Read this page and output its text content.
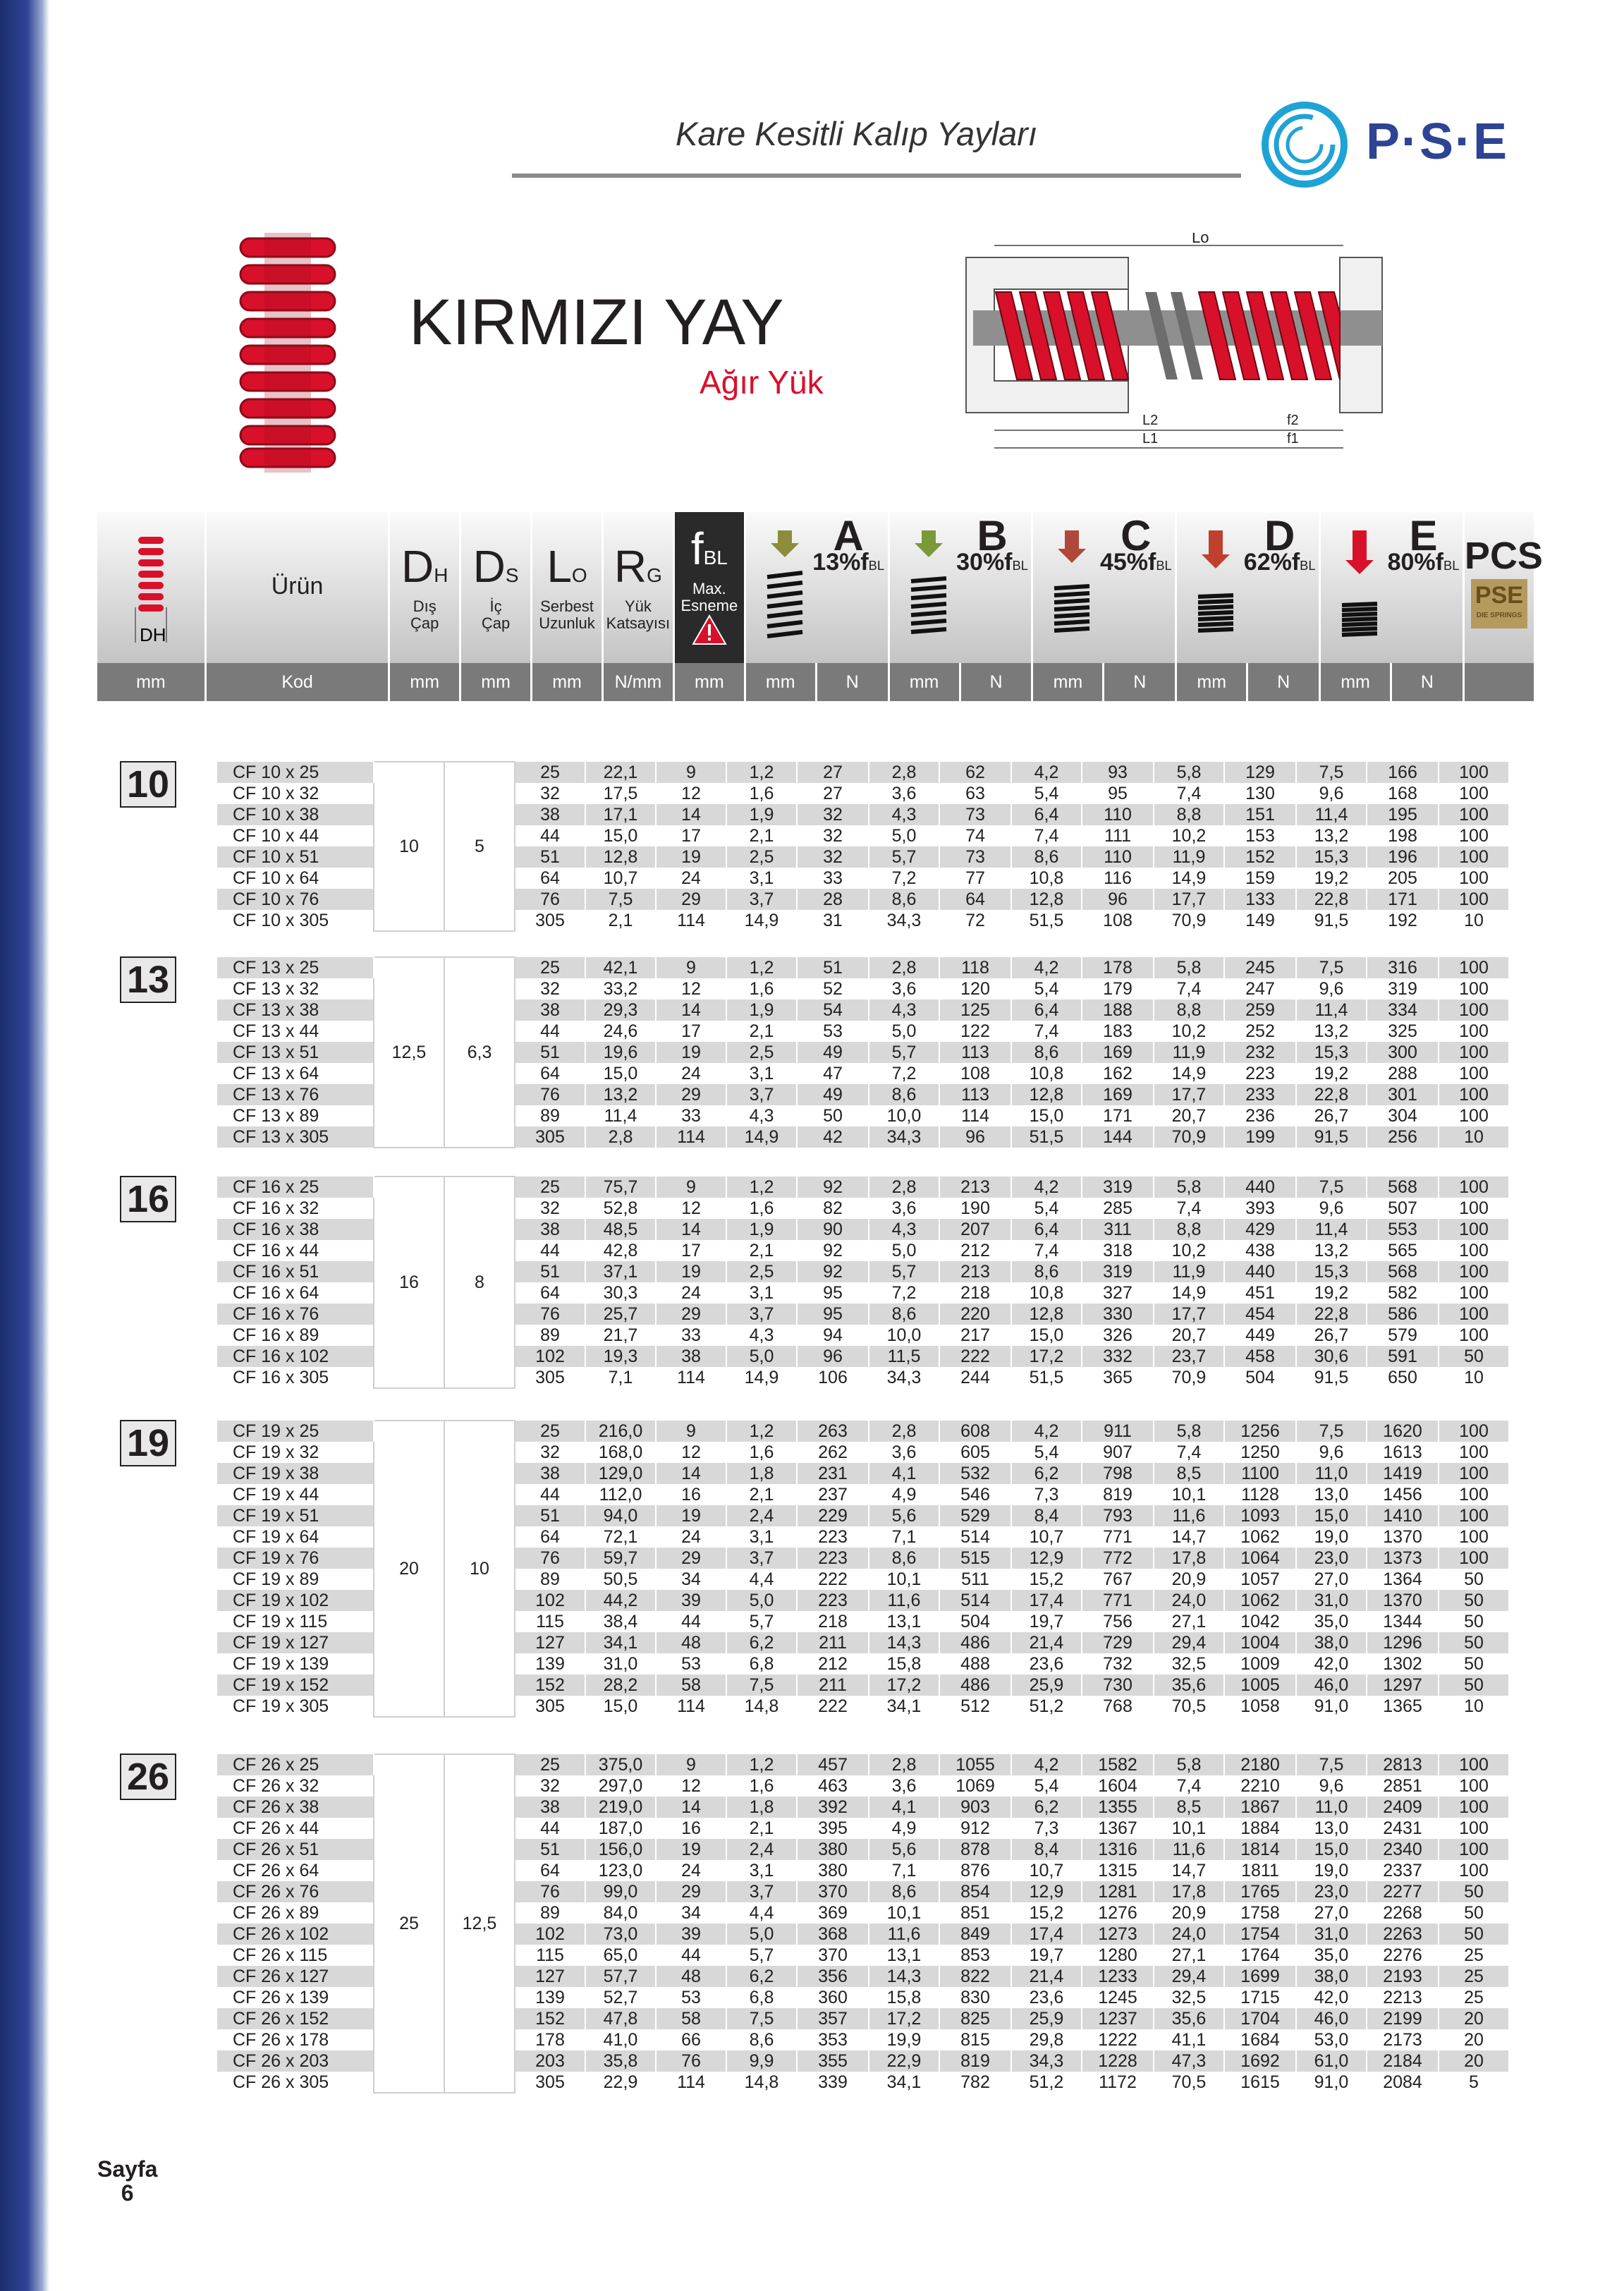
Kare Kesitli Kalıp Yayları	P·S·E
KIRMIZI YAY
Ağır Yük
Lo
L2
L1
f2
f1
DH	Ürün	DH
Dış
Çap	DS
İç
Çap	LO
Serbest
Uzunluk	RG
Yük
Katsayısı	fBL
Max.
Esneme	A
13%fBL		B
30%fBL		C
45%fBL		D
62%fBL		E
80%fBL		PCS

PSE
DIE SPRINGS

mm	Kod	mm	mm	mm	N/mm	mm	mm	N	mm	N	mm	N	mm	N	mm	N	
10	CF 10 x 25	10	5	25	22,1	9	1,2	27	2,8	62	4,2	93	5,8	129	7,5	166	100
CF 10 x 32			32	17,5	12	1,6	27	3,6	63	5,4	95	7,4	130	9,6	168	100
CF 10 x 38			38	17,1	14	1,9	32	4,3	73	6,4	110	8,8	151	11,4	195	100
CF 10 x 44			44	15,0	17	2,1	32	5,0	74	7,4	111	10,2	153	13,2	198	100
CF 10 x 51			51	12,8	19	2,5	32	5,7	73	8,6	110	11,9	152	15,3	196	100
CF 10 x 64			64	10,7	24	3,1	33	7,2	77	10,8	116	14,9	159	19,2	205	100
CF 10 x 76			76	7,5	29	3,7	28	8,6	64	12,8	96	17,7	133	22,8	171	100
CF 10 x 305			305	2,1	114	14,9	31	34,3	72	51,5	108	70,9	149	91,5	192	10
13	CF 13 x 25	12,5	6,3	25	42,1	9	1,2	51	2,8	118	4,2	178	5,8	245	7,5	316	100
CF 13 x 32			32	33,2	12	1,6	52	3,6	120	5,4	179	7,4	247	9,6	319	100
CF 13 x 38			38	29,3	14	1,9	54	4,3	125	6,4	188	8,8	259	11,4	334	100
CF 13 x 44			44	24,6	17	2,1	53	5,0	122	7,4	183	10,2	252	13,2	325	100
CF 13 x 51			51	19,6	19	2,5	49	5,7	113	8,6	169	11,9	232	15,3	300	100
CF 13 x 64			64	15,0	24	3,1	47	7,2	108	10,8	162	14,9	223	19,2	288	100
CF 13 x 76			76	13,2	29	3,7	49	8,6	113	12,8	169	17,7	233	22,8	301	100
CF 13 x 89			89	11,4	33	4,3	50	10,0	114	15,0	171	20,7	236	26,7	304	100
CF 13 x 305			305	2,8	114	14,9	42	34,3	96	51,5	144	70,9	199	91,5	256	10
16	CF 16 x 25	16	8	25	75,7	9	1,2	92	2,8	213	4,2	319	5,8	440	7,5	568	100
CF 16 x 32			32	52,8	12	1,6	82	3,6	190	5,4	285	7,4	393	9,6	507	100
CF 16 x 38			38	48,5	14	1,9	90	4,3	207	6,4	311	8,8	429	11,4	553	100
CF 16 x 44			44	42,8	17	2,1	92	5,0	212	7,4	318	10,2	438	13,2	565	100
CF 16 x 51			51	37,1	19	2,5	92	5,7	213	8,6	319	11,9	440	15,3	568	100
CF 16 x 64			64	30,3	24	3,1	95	7,2	218	10,8	327	14,9	451	19,2	582	100
CF 16 x 76			76	25,7	29	3,7	95	8,6	220	12,8	330	17,7	454	22,8	586	100
CF 16 x 89			89	21,7	33	4,3	94	10,0	217	15,0	326	20,7	449	26,7	579	100
CF 16 x 102			102	19,3	38	5,0	96	11,5	222	17,2	332	23,7	458	30,6	591	50
CF 16 x 305			305	7,1	114	14,9	106	34,3	244	51,5	365	70,9	504	91,5	650	10
19	CF 19 x 25	20	10	25	216,0	9	1,2	263	2,8	608	4,2	911	5,8	1256	7,5	1620	100
CF 19 x 32			32	168,0	12	1,6	262	3,6	605	5,4	907	7,4	1250	9,6	1613	100
CF 19 x 38			38	129,0	14	1,8	231	4,1	532	6,2	798	8,5	1100	11,0	1419	100
CF 19 x 44			44	112,0	16	2,1	237	4,9	546	7,3	819	10,1	1128	13,0	1456	100
CF 19 x 51			51	94,0	19	2,4	229	5,6	529	8,4	793	11,6	1093	15,0	1410	100
CF 19 x 64			64	72,1	24	3,1	223	7,1	514	10,7	771	14,7	1062	19,0	1370	100
CF 19 x 76			76	59,7	29	3,7	223	8,6	515	12,9	772	17,8	1064	23,0	1373	100
CF 19 x 89			89	50,5	34	4,4	222	10,1	511	15,2	767	20,9	1057	27,0	1364	50
CF 19 x 102			102	44,2	39	5,0	223	11,6	514	17,4	771	24,0	1062	31,0	1370	50
CF 19 x 115			115	38,4	44	5,7	218	13,1	504	19,7	756	27,1	1042	35,0	1344	50
CF 19 x 127			127	34,1	48	6,2	211	14,3	486	21,4	729	29,4	1004	38,0	1296	50
CF 19 x 139			139	31,0	53	6,8	212	15,8	488	23,6	732	32,5	1009	42,0	1302	50
CF 19 x 152			152	28,2	58	7,5	211	17,2	486	25,9	730	35,6	1005	46,0	1297	50
CF 19 x 305			305	15,0	114	14,8	222	34,1	512	51,2	768	70,5	1058	91,0	1365	10
26	CF 26 x 25	25	12,5	25	375,0	9	1,2	457	2,8	1055	4,2	1582	5,8	2180	7,5	2813	100
CF 26 x 32			32	297,0	12	1,6	463	3,6	1069	5,4	1604	7,4	2210	9,6	2851	100
CF 26 x 38			38	219,0	14	1,8	392	4,1	903	6,2	1355	8,5	1867	11,0	2409	100
CF 26 x 44			44	187,0	16	2,1	395	4,9	912	7,3	1367	10,1	1884	13,0	2431	100
CF 26 x 51			51	156,0	19	2,4	380	5,6	878	8,4	1316	11,6	1814	15,0	2340	100
CF 26 x 64			64	123,0	24	3,1	380	7,1	876	10,7	1315	14,7	1811	19,0	2337	100
CF 26 x 76			76	99,0	29	3,7	370	8,6	854	12,9	1281	17,8	1765	23,0	2277	50
CF 26 x 89			89	84,0	34	4,4	369	10,1	851	15,2	1276	20,9	1758	27,0	2268	50
CF 26 x 102			102	73,0	39	5,0	368	11,6	849	17,4	1273	24,0	1754	31,0	2263	50
CF 26 x 115			115	65,0	44	5,7	370	13,1	853	19,7	1280	27,1	1764	35,0	2276	25
CF 26 x 127			127	57,7	48	6,2	356	14,3	822	21,4	1233	29,4	1699	38,0	2193	25
CF 26 x 139			139	52,7	53	6,8	360	15,8	830	23,6	1245	32,5	1715	42,0	2213	25
CF 26 x 152			152	47,8	58	7,5	357	17,2	825	25,9	1237	35,6	1704	46,0	2199	20
CF 26 x 178			178	41,0	66	8,6	353	19,9	815	29,8	1222	41,1	1684	53,0	2173	20
CF 26 x 203			203	35,8	76	9,9	355	22,9	819	34,3	1228	47,3	1692	61,0	2184	20
CF 26 x 305			305	22,9	114	14,8	339	34,1	782	51,2	1172	70,5	1615	91,0	2084	5
Sayfa
6
